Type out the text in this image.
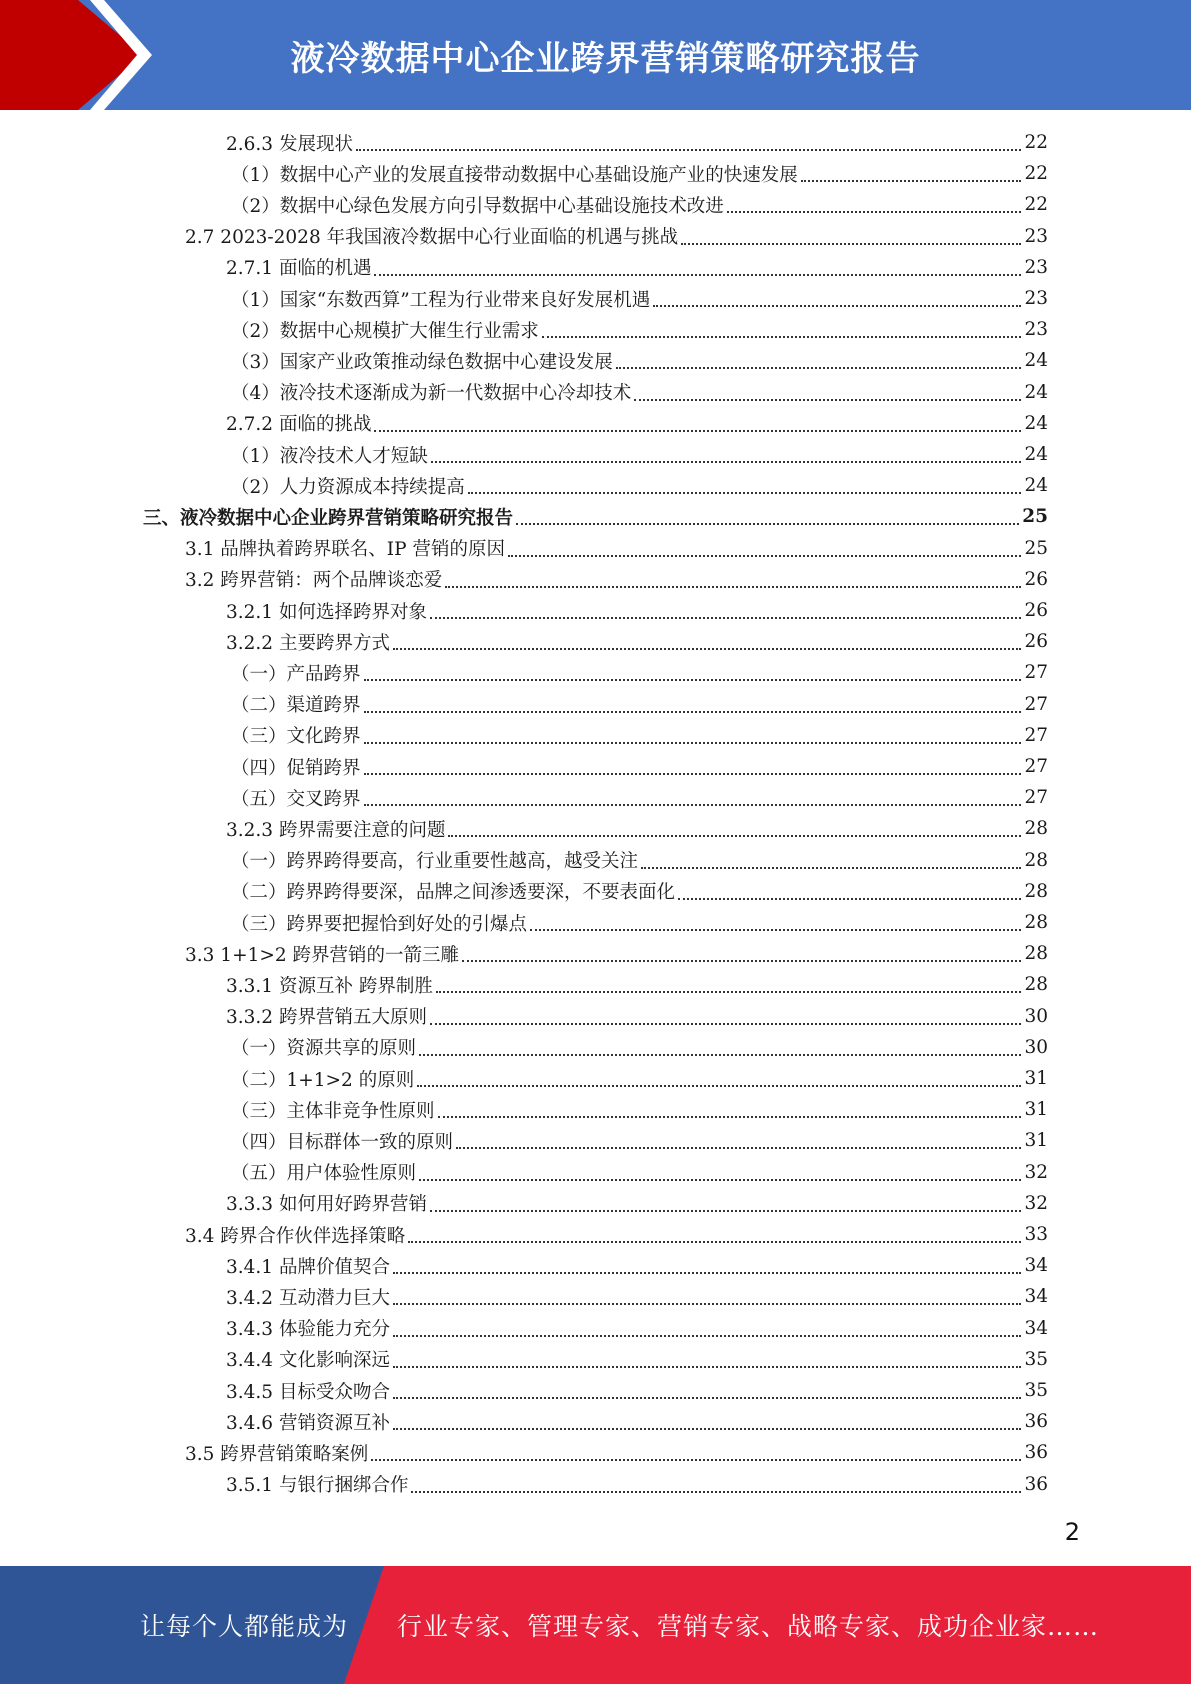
液冷数据中心企业跨界营销策略研究报告
2.6.3 发展现状	22
（1）数据中心产业的发展直接带动数据中心基础设施产业的快速发展	22
（2）数据中心绿色发展方向引导数据中心基础设施技术改进	22
2.7 2023-2028 年我国液冷数据中心行业面临的机遇与挑战	23
2.7.1 面临的机遇	23
（1）国家“东数西算”工程为行业带来良好发展机遇	23
（2）数据中心规模扩大催生行业需求	23
（3）国家产业政策推动绿色数据中心建设发展	24
（4）液冷技术逐渐成为新一代数据中心冷却技术	24
2.7.2 面临的挑战	24
（1）液冷技术人才短缺	24
（2）人力资源成本持续提高	24
三、液冷数据中心企业跨界营销策略研究报告	25
3.1 品牌执着跨界联名、IP 营销的原因	25
3.2 跨界营销：两个品牌谈恋爱	26
3.2.1 如何选择跨界对象	26
3.2.2 主要跨界方式	26
（一）产品跨界	27
（二）渠道跨界	27
（三）文化跨界	27
（四）促销跨界	27
（五）交叉跨界	27
3.2.3 跨界需要注意的问题	28
（一）跨界跨得要高，行业重要性越高，越受关注	28
（二）跨界跨得要深，品牌之间渗透要深，不要表面化	28
（三）跨界要把握恰到好处的引爆点	28
3.3 1+1>2 跨界营销的一箭三雕	28
3.3.1 资源互补 跨界制胜	28
3.3.2 跨界营销五大原则	30
（一）资源共享的原则	30
（二）1+1>2 的原则	31
（三）主体非竞争性原则	31
（四）目标群体一致的原则	31
（五）用户体验性原则	32
3.3.3 如何用好跨界营销	32
3.4 跨界合作伙伴选择策略	33
3.4.1 品牌价值契合	34
3.4.2 互动潜力巨大	34
3.4.3 体验能力充分	34
3.4.4 文化影响深远	35
3.4.5 目标受众吻合	35
3.4.6 营销资源互补	36
3.5 跨界营销策略案例	36
3.5.1 与银行捆绑合作	36
2
让每个人都能成为 行业专家、管理专家、营销专家、战略专家、成功企业家……
